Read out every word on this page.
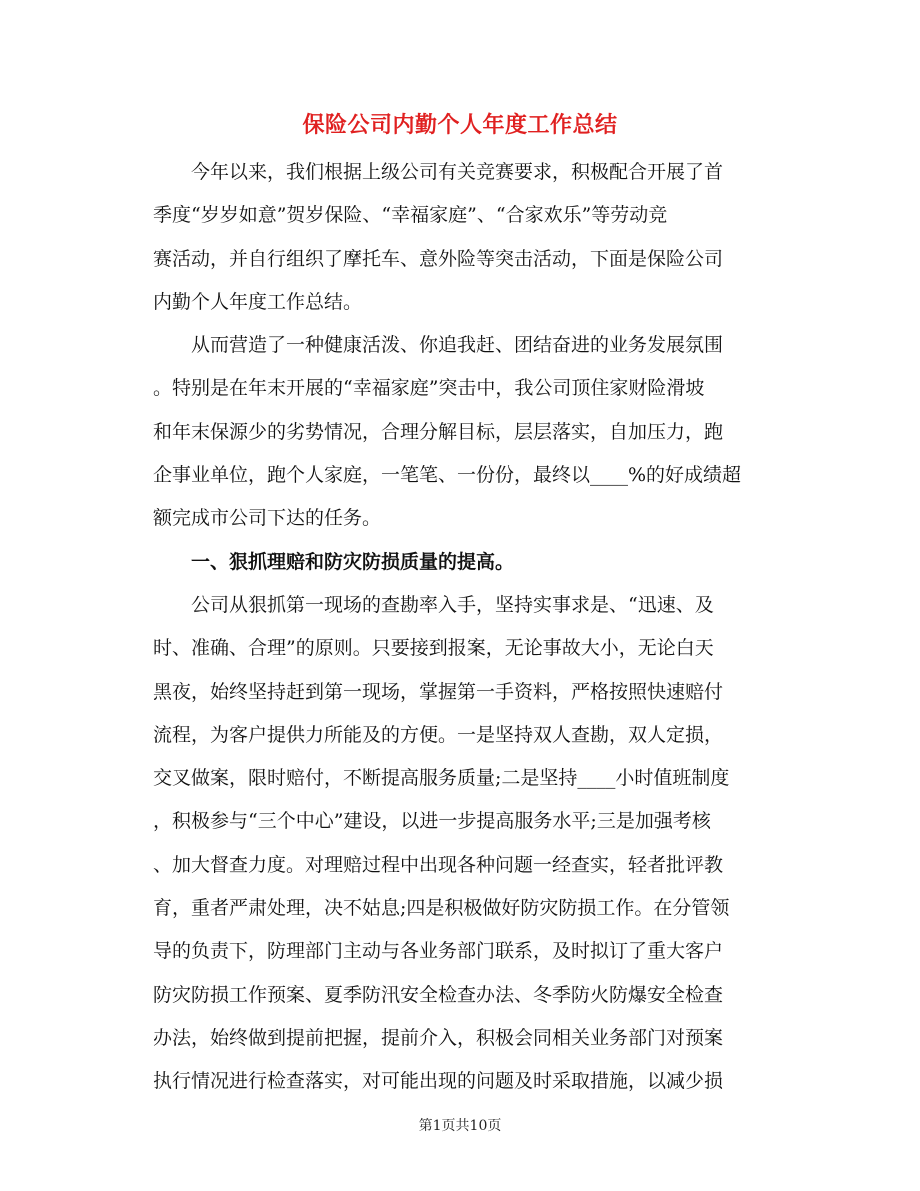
保险公司内勤个人年度工作总结
　　今年以来，我们根据上级公司有关竞赛要求，积极配合开展了首
季度“岁岁如意”贺岁保险、“幸福家庭”、“合家欢乐”等劳动竞
赛活动，并自行组织了摩托车、意外险等突击活动，下面是保险公司
内勤个人年度工作总结。
　　从而营造了一种健康活泼、你追我赶、团结奋进的业务发展氛围
。特别是在年末开展的“幸福家庭”突击中，我公司顶住家财险滑坡
和年末保源少的劣势情况，合理分解目标，层层落实，自加压力，跑
企事业单位，跑个人家庭，一笔笔、一份份，最终以____%的好成绩超
额完成市公司下达的任务。
　　一、狠抓理赔和防灾防损质量的提高。
　　公司从狠抓第一现场的查勘率入手，坚持实事求是、“迅速、及
时、准确、合理”的原则。只要接到报案，无论事故大小，无论白天
黑夜，始终坚持赶到第一现场，掌握第一手资料，严格按照快速赔付
流程，为客户提供力所能及的方便。一是坚持双人查勘，双人定损，
交叉做案，限时赔付，不断提高服务质量;二是坚持____小时值班制度
，积极参与“三个中心”建设，以进一步提高服务水平;三是加强考核
、加大督查力度。对理赔过程中出现各种问题一经查实，轻者批评教
育，重者严肃处理，决不姑息;四是积极做好防灾防损工作。在分管领
导的负责下，防理部门主动与各业务部门联系，及时拟订了重大客户
防灾防损工作预案、夏季防汛安全检查办法、冬季防火防爆安全检查
办法，始终做到提前把握，提前介入，积极会同相关业务部门对预案
执行情况进行检查落实，对可能出现的问题及时采取措施，以减少损
第1页共10页
